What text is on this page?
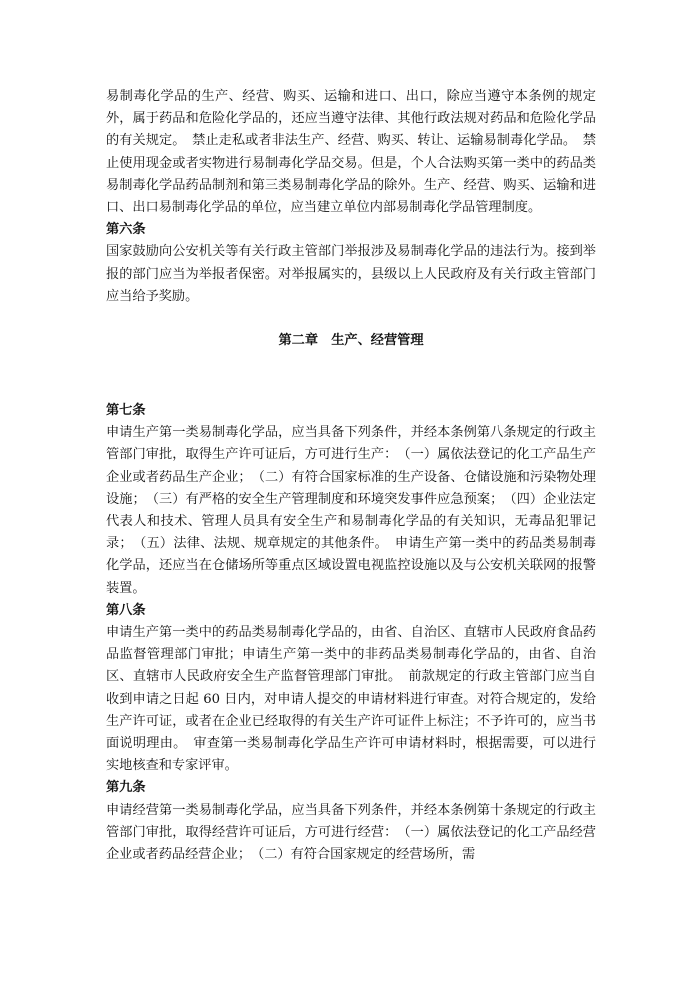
易制毒化学品的生产、经营、购买、运输和进口、出口，除应当遵守本条例的规定外，属于药品和危险化学品的，还应当遵守法律、其他行政法规对药品和危险化学品的有关规定。　禁止走私或者非法生产、经营、购买、转让、运输易制毒化学品。　禁止使用现金或者实物进行易制毒化学品交易。但是，个人合法购买第一类中的药品类易制毒化学品药品制剂和第三类易制毒化学品的除外。生产、经营、购买、运输和进口、出口易制毒化学品的单位，应当建立单位内部易制毒化学品管理制度。

第六条

国家鼓励向公安机关等有关行政主管部门举报涉及易制毒化学品的违法行为。接到举报的部门应当为举报者保密。对举报属实的，县级以上人民政府及有关行政主管部门应当给予奖励。

第二章　生产、经营管理

第七条

申请生产第一类易制毒化学品，应当具备下列条件，并经本条例第八条规定的行政主管部门审批，取得生产许可证后，方可进行生产：　（一）属依法登记的化工产品生产企业或者药品生产企业；　（二）有符合国家标准的生产设备、仓储设施和污染物处理设施；　（三）有严格的安全生产管理制度和环境突发事件应急预案；　（四）企业法定代表人和技术、管理人员具有安全生产和易制毒化学品的有关知识，无毒品犯罪记录；　（五）法律、法规、规章规定的其他条件。　申请生产第一类中的药品类易制毒化学品，还应当在仓储场所等重点区域设置电视监控设施以及与公安机关联网的报警装置。

第八条

申请生产第一类中的药品类易制毒化学品的，由省、自治区、直辖市人民政府食品药品监督管理部门审批；申请生产第一类中的非药品类易制毒化学品的，由省、自治区、直辖市人民政府安全生产监督管理部门审批。　前款规定的行政主管部门应当自收到申请之日起 60 日内，对申请人提交的申请材料进行审查。对符合规定的，发给生产许可证，或者在企业已经取得的有关生产许可证件上标注；不予许可的，应当书面说明理由。　审查第一类易制毒化学品生产许可申请材料时，根据需要，可以进行实地核查和专家评审。

第九条

申请经营第一类易制毒化学品，应当具备下列条件，并经本条例第十条规定的行政主管部门审批，取得经营许可证后，方可进行经营：　（一）属依法登记的化工产品经营企业或者药品经营企业；　（二）有符合国家规定的经营场所，需
